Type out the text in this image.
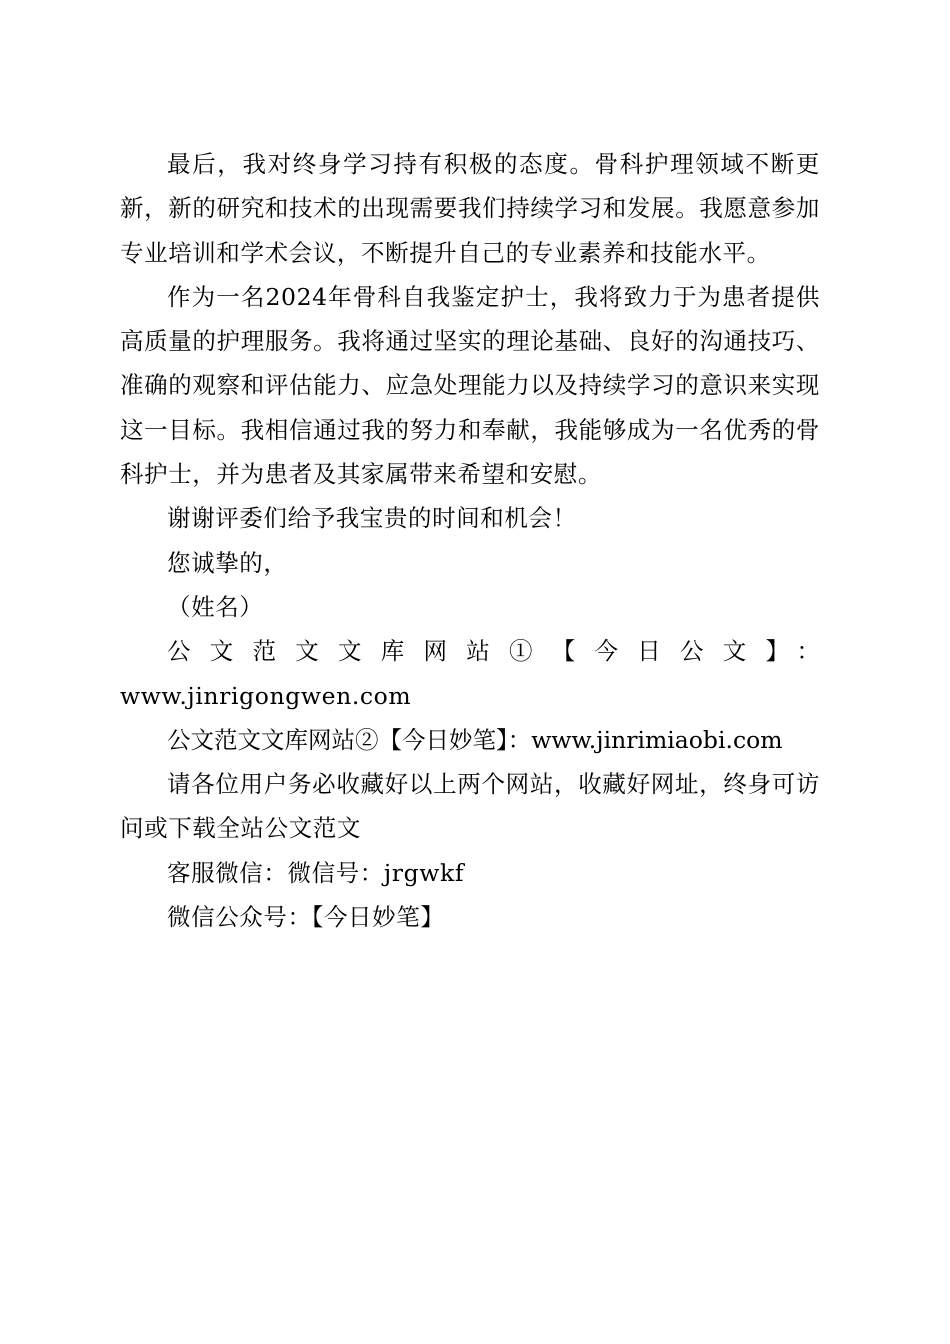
最后，我对终身学习持有积极的态度。骨科护理领域不断更新，新的研究和技术的出现需要我们持续学习和发展。我愿意参加专业培训和学术会议，不断提升自己的专业素养和技能水平。

作为一名2024年骨科自我鉴定护士，我将致力于为患者提供高质量的护理服务。我将通过坚实的理论基础、良好的沟通技巧、准确的观察和评估能力、应急处理能力以及持续学习的意识来实现这一目标。我相信通过我的努力和奉献，我能够成为一名优秀的骨科护士，并为患者及其家属带来希望和安慰。

谢谢评委们给予我宝贵的时间和机会！

您诚挚的，

（姓名）

公文范文文库网站①【今日公文】：

www.jinrigongwen.com

公文范文文库网站②【今日妙笔】：www.jinrimiaobi.com

请各位用户务必收藏好以上两个网站，收藏好网址，终身可访问或下载全站公文范文

客服微信：微信号：jrgwkf

微信公众号：【今日妙笔】
